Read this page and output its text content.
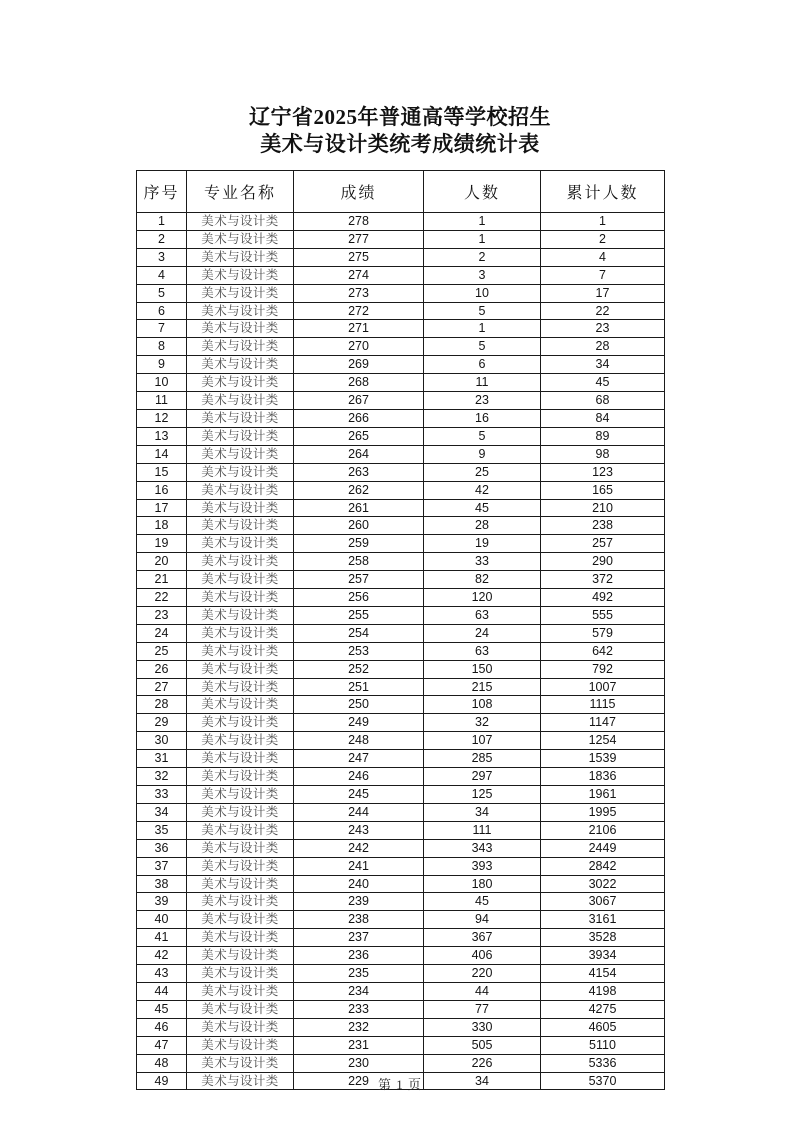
辽宁省2025年普通高等学校招生
美术与设计类统考成绩统计表
序号	专业名称	成绩	人数	累计人数
1	美术与设计类	278	1	1
2	美术与设计类	277	1	2
3	美术与设计类	275	2	4
4	美术与设计类	274	3	7
5	美术与设计类	273	10	17
6	美术与设计类	272	5	22
7	美术与设计类	271	1	23
8	美术与设计类	270	5	28
9	美术与设计类	269	6	34
10	美术与设计类	268	11	45
11	美术与设计类	267	23	68
12	美术与设计类	266	16	84
13	美术与设计类	265	5	89
14	美术与设计类	264	9	98
15	美术与设计类	263	25	123
16	美术与设计类	262	42	165
17	美术与设计类	261	45	210
18	美术与设计类	260	28	238
19	美术与设计类	259	19	257
20	美术与设计类	258	33	290
21	美术与设计类	257	82	372
22	美术与设计类	256	120	492
23	美术与设计类	255	63	555
24	美术与设计类	254	24	579
25	美术与设计类	253	63	642
26	美术与设计类	252	150	792
27	美术与设计类	251	215	1007
28	美术与设计类	250	108	1115
29	美术与设计类	249	32	1147
30	美术与设计类	248	107	1254
31	美术与设计类	247	285	1539
32	美术与设计类	246	297	1836
33	美术与设计类	245	125	1961
34	美术与设计类	244	34	1995
35	美术与设计类	243	111	2106
36	美术与设计类	242	343	2449
37	美术与设计类	241	393	2842
38	美术与设计类	240	180	3022
39	美术与设计类	239	45	3067
40	美术与设计类	238	94	3161
41	美术与设计类	237	367	3528
42	美术与设计类	236	406	3934
43	美术与设计类	235	220	4154
44	美术与设计类	234	44	4198
45	美术与设计类	233	77	4275
46	美术与设计类	232	330	4605
47	美术与设计类	231	505	5110
48	美术与设计类	230	226	5336
49	美术与设计类	229	34	5370
第 1 页
